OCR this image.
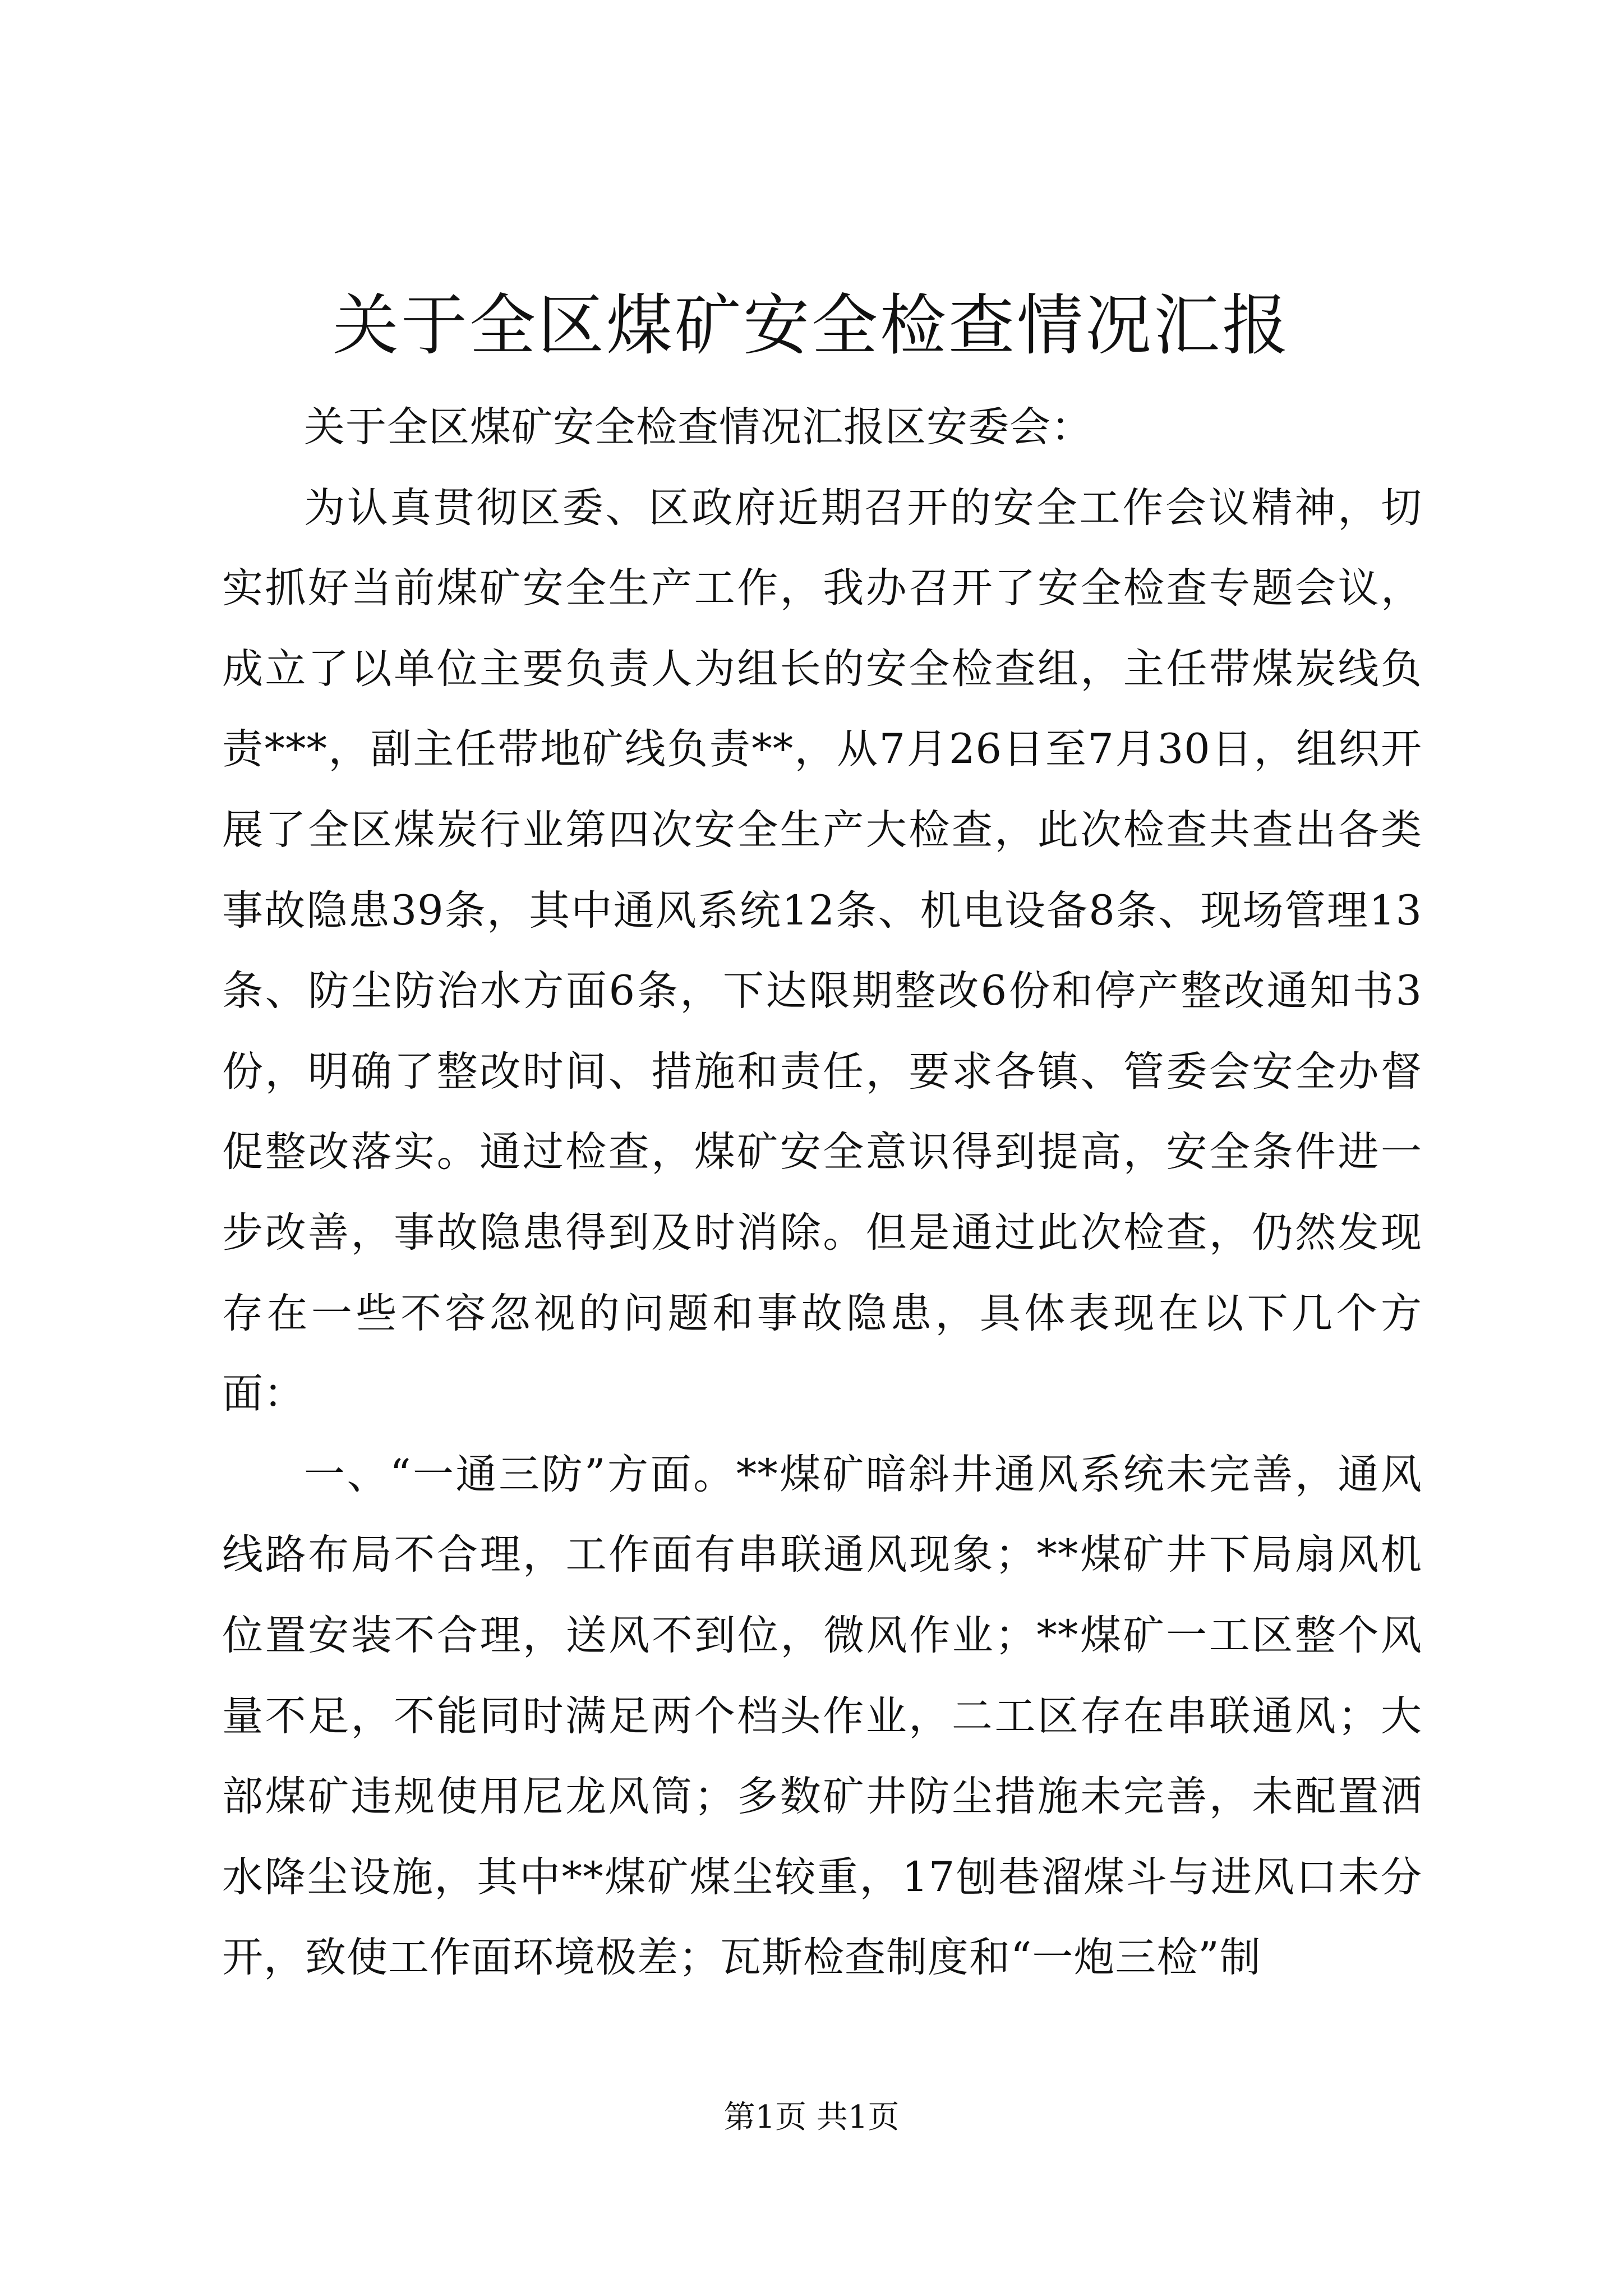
关于全区煤矿安全检查情况汇报

关于全区煤矿安全检查情况汇报区安委会：

为认真贯彻区委、区政府近期召开的安全工作会议精神，切实抓好当前煤矿安全生产工作，我办召开了安全检查专题会议，成立了以单位主要负责人为组长的安全检查组，主任带煤炭线负责***，副主任带地矿线负责**，从7月26日至7月30日，组织开展了全区煤炭行业第四次安全生产大检查，此次检查共查出各类事故隐患39条，其中通风系统12条、机电设备8条、现场管理13条、防尘防治水方面6条，下达限期整改6份和停产整改通知书3份，明确了整改时间、措施和责任，要求各镇、管委会安全办督促整改落实。通过检查，煤矿安全意识得到提高，安全条件进一步改善，事故隐患得到及时消除。但是通过此次检查，仍然发现存在一些不容忽视的问题和事故隐患，具体表现在以下几个方面：

一、“一通三防”方面。**煤矿暗斜井通风系统未完善，通风线路布局不合理，工作面有串联通风现象；**煤矿井下局扇风机位置安装不合理，送风不到位，微风作业；**煤矿一工区整个风量不足，不能同时满足两个档头作业，二工区存在串联通风；大部煤矿违规使用尼龙风筒；多数矿井防尘措施未完善，未配置洒水降尘设施，其中**煤矿煤尘较重，17刨巷溜煤斗与进风口未分开，致使工作面环境极差；瓦斯检查制度和“一炮三检”制

第1页 共1页
